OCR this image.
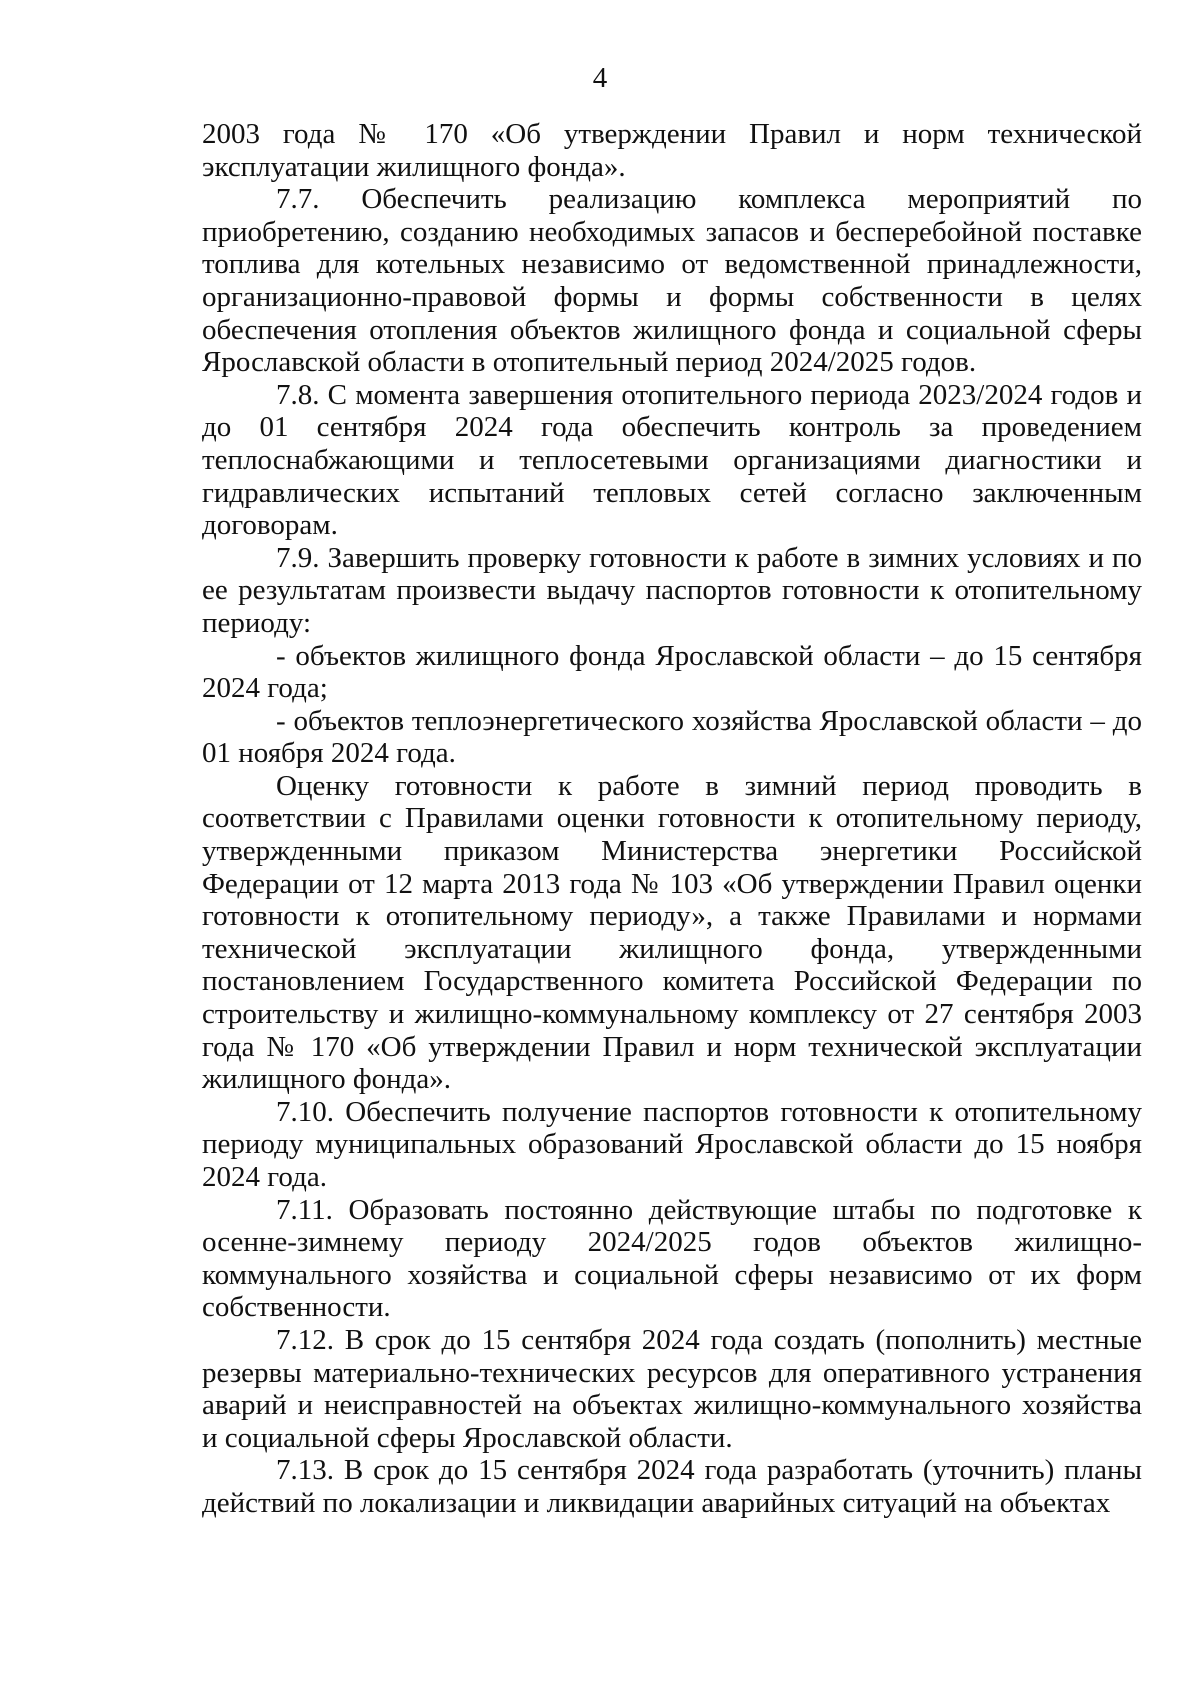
4

2003 года № 170 «Об утверждении Правил и норм технической эксплуатации жилищного фонда».

7.7. Обеспечить реализацию комплекса мероприятий по приобретению, созданию необходимых запасов и бесперебойной поставке топлива для котельных независимо от ведомственной принадлежности, организационно-правовой формы и формы собственности в целях обеспечения отопления объектов жилищного фонда и социальной сферы Ярославской области в отопительный период 2024/2025 годов.

7.8. С момента завершения отопительного периода 2023/2024 годов и до 01 сентября 2024 года обеспечить контроль за проведением теплоснабжающими и теплосетевыми организациями диагностики и гидравлических испытаний тепловых сетей согласно заключенным договорам.

7.9. Завершить проверку готовности к работе в зимних условиях и по ее результатам произвести выдачу паспортов готовности к отопительному периоду:

- объектов жилищного фонда Ярославской области – до 15 сентября 2024 года;

- объектов теплоэнергетического хозяйства Ярославской области – до 01 ноября 2024 года.

Оценку готовности к работе в зимний период проводить в соответствии с Правилами оценки готовности к отопительному периоду, утвержденными приказом Министерства энергетики Российской Федерации от 12 марта 2013 года № 103 «Об утверждении Правил оценки готовности к отопительному периоду», а также Правилами и нормами технической эксплуатации жилищного фонда, утвержденными постановлением Государственного комитета Российской Федерации по строительству и жилищно-коммунальному комплексу от 27 сентября 2003 года № 170 «Об утверждении Правил и норм технической эксплуатации жилищного фонда».

7.10. Обеспечить получение паспортов готовности к отопительному периоду муниципальных образований Ярославской области до 15 ноября 2024 года.

7.11. Образовать постоянно действующие штабы по подготовке к осенне-зимнему периоду 2024/2025 годов объектов жилищно-коммунального хозяйства и социальной сферы независимо от их форм собственности.

7.12. В срок до 15 сентября 2024 года создать (пополнить) местные резервы материально-технических ресурсов для оперативного устранения аварий и неисправностей на объектах жилищно-коммунального хозяйства и социальной сферы Ярославской области.

7.13. В срок до 15 сентября 2024 года разработать (уточнить) планы действий по локализации и ликвидации аварийных ситуаций на объектах
